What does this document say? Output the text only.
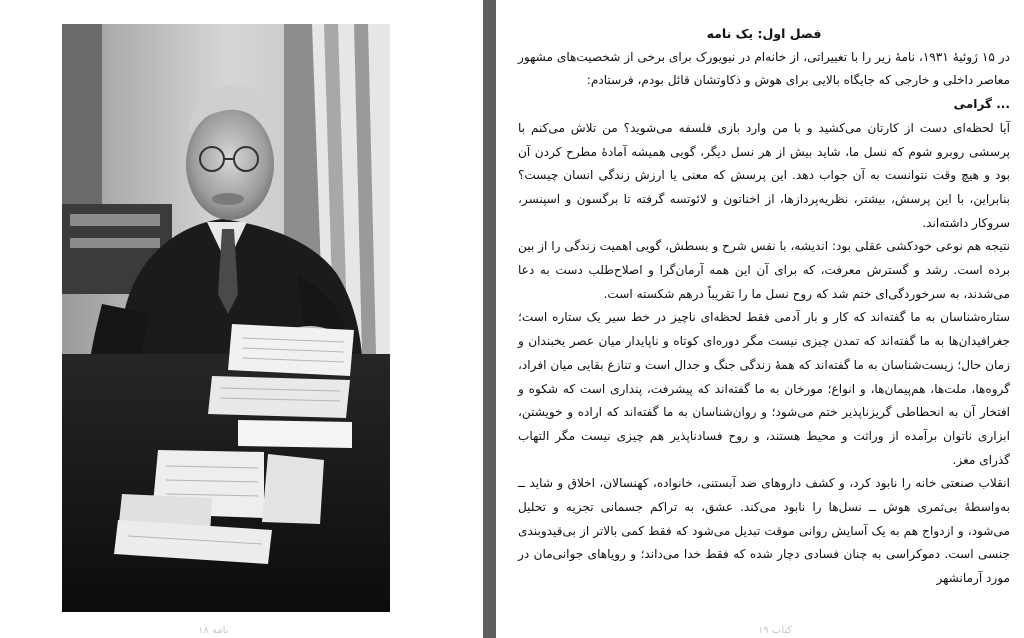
۱۸ نامه

فصل اول: یک نامه

در ۱۵ ژوئیهٔ ۱۹۳۱، نامهٔ زیر را با تغییراتی، از خانه‌ام در نیویورک برای برخی از شخصیت‌های مشهور معاصر داخلی و خارجی که جایگاه بالایی برای هوش و ذکاوتشان قائل بودم، فرستادم:

... گرامی

آیا لحظه‌ای دست از کارتان می‌کشید و با من وارد بازی فلسفه می‌شوید؟ من تلاش می‌کنم با پرسشی روبرو شوم که نسل ما، شاید بیش از هر نسل دیگر، گویی همیشه آمادهٔ مطرح کردن آن بود و هیچ وقت نتوانست به آن جواب دهد. این پرسش که معنی یا ارزش زندگی انسان چیست؟ بنابراین، با این پرسش، بیشتر، نظریه‌پردازها، از اخناتون و لائوتسه گرفته تا برگسون و اسپنسر، سروکار داشته‌اند.

نتیجه هم نوعی خودکشی عقلی بود: اندیشه، با نفس شرح و بسطش، گویی اهمیت زندگی را از بین برده است. رشد و گسترش معرفت، که برای آن این همه آرمان‌گرا و اصلاح‌طلب دست به دعا می‌شدند، به سرخوردگی‌ای ختم شد که روح نسل ما را تقریباً درهم شکسته است.

ستاره‌شناسان به ما گفته‌اند که کار و بار آدمی فقط لحظه‌ای ناچیز در خط سیر یک ستاره است؛ جغرافیدان‌ها به ما گفته‌اند که تمدن چیزی نیست مگر دوره‌ای کوتاه و ناپایدار میان عصر یخبندان و زمان حال؛ زیست‌شناسان به ما گفته‌اند که همهٔ زندگی جنگ و جدال است و تنازع بقایی میان افراد، گروه‌ها، ملت‌ها، هم‌پیمان‌ها، و انواع؛ مورخان به ما گفته‌اند که پیشرفت، پنداری است که شکوه و افتخار آن به انحطاطی گریزناپذیر ختم می‌شود؛ و روان‌شناسان به ما گفته‌اند که اراده و خویشتن، ابزاری ناتوان برآمده از وراثت و محیط هستند، و روح فسادناپذیر هم چیزی نیست مگر التهاب گذرای مغز.

انقلاب صنعتی خانه را نابود کرد، و کشف داروهای ضد آبستنی، خانواده، کهنسالان، اخلاق و شاید ــ به‌واسطهٔ بی‌ثمری هوش ــ نسل‌ها را نابود می‌کند. عشق، به تراکم جسمانی تجزیه و تحلیل می‌شود، و ازدواج هم به یک آسایش روانی موقت تبدیل می‌شود که فقط کمی بالاتر از بی‌قیدوبندی جنسی است. دموکراسی به چنان فسادی دچار شده که فقط خدا می‌داند؛ و رویاهای جوانی‌مان در مورد آرمانشهر

کتاب ۱۹
